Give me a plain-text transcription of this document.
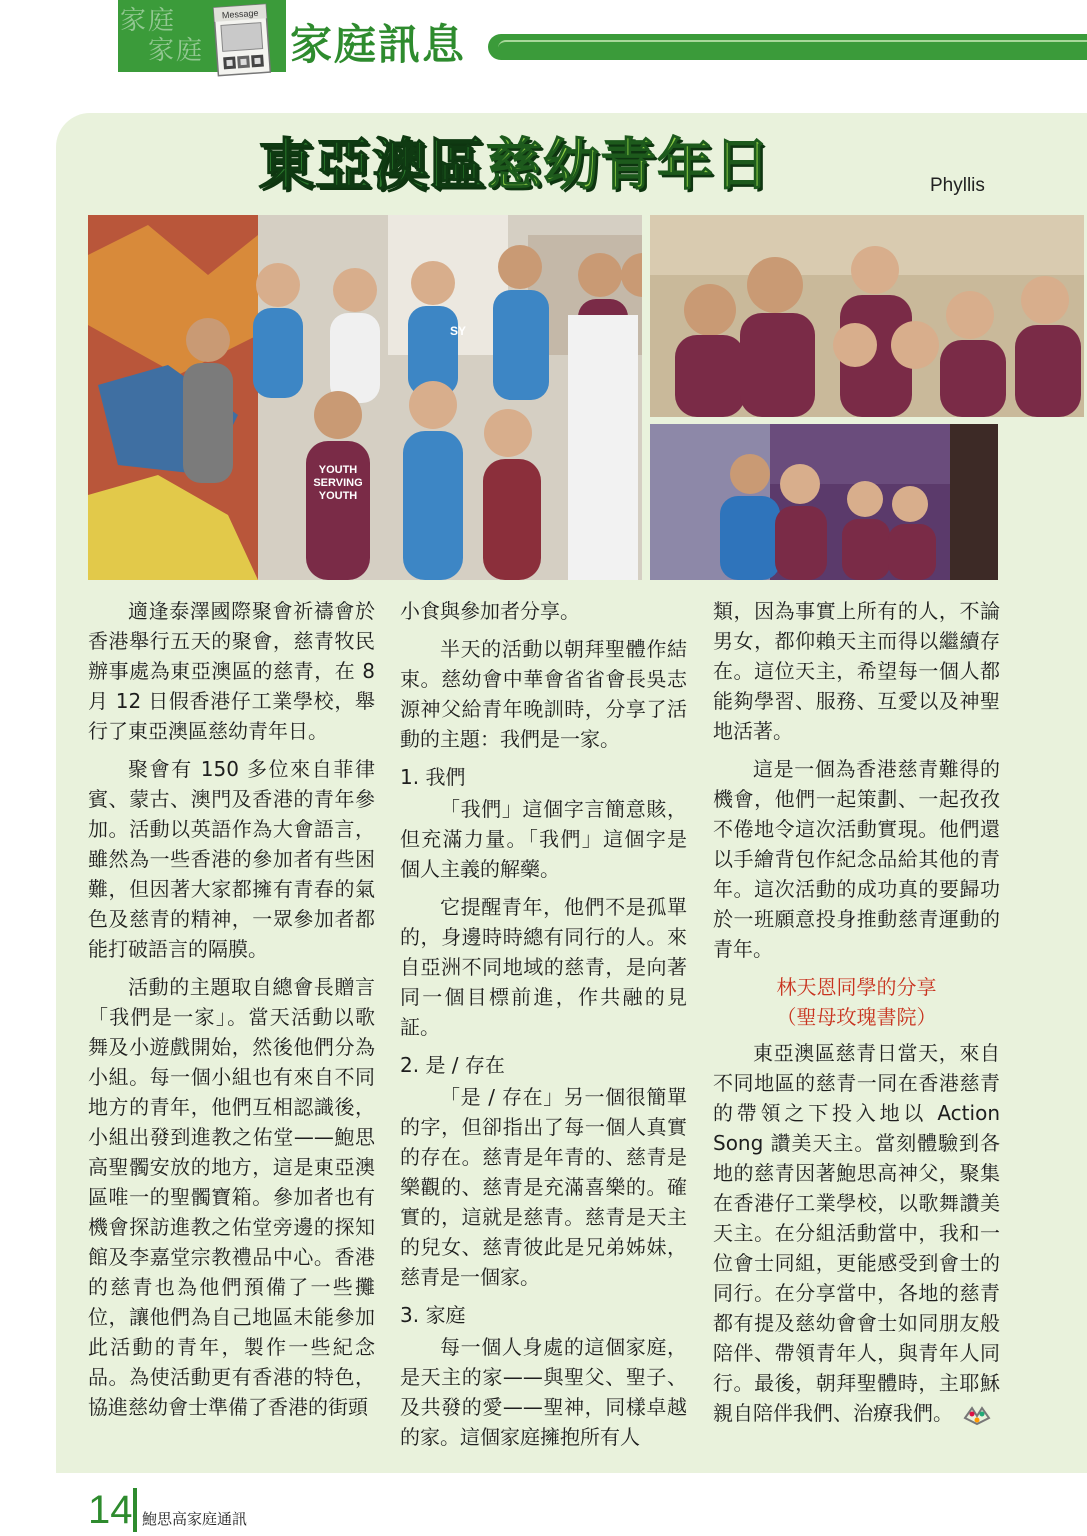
家庭
家庭
Message
家庭訊息
東亞澳區慈幼青年日	Phyllis
YOUTH
SERVING
YOUTH
SY

適逢泰澤國際聚會祈禱會於香港舉行五天的聚會，慈青牧民辦事處為東亞澳區的慈青，在 8 月 12 日假香港仔工業學校，舉行了東亞澳區慈幼青年日。

聚會有 150 多位來自菲律賓、蒙古、澳門及香港的青年參加。活動以英語作為大會語言，雖然為一些香港的參加者有些困難，但因著大家都擁有青春的氣色及慈青的精神，一眾參加者都能打破語言的隔膜。

活動的主題取自總會長贈言「我們是一家」。當天活動以歌舞及小遊戲開始，然後他們分為小組。每一個小組也有來自不同地方的青年，他們互相認識後，小組出發到進教之佑堂——鮑思高聖髑安放的地方，這是東亞澳區唯一的聖髑寶箱。參加者也有機會探訪進教之佑堂旁邊的探知館及李嘉堂宗教禮品中心。香港的慈青也為他們預備了一些攤位，讓他們為自己地區未能參加此活動的青年，製作一些紀念品。為使活動更有香港的特色，協進慈幼會士準備了香港的街頭

小食與參加者分享。

半天的活動以朝拜聖體作結束。慈幼會中華會省省會長吳志源神父給青年晚訓時，分享了活動的主題：我們是一家。

1. 我們

「我們」這個字言簡意賅，但充滿力量。「我們」這個字是個人主義的解藥。

它提醒青年，他們不是孤單的，身邊時時總有同行的人。來自亞洲不同地域的慈青，是向著同一個目標前進，作共融的見証。

2. 是 / 存在

「是 / 存在」另一個很簡單的字，但卻指出了每一個人真實的存在。慈青是年青的、慈青是樂觀的、慈青是充滿喜樂的。確實的，這就是慈青。慈青是天主的兒女、慈青彼此是兄弟姊妹，慈青是一個家。

3. 家庭

每一個人身處的這個家庭，是天主的家——與聖父、聖子、及共發的愛——聖神，同樣卓越的家。這個家庭擁抱所有人

類，因為事實上所有的人，不論男女，都仰賴天主而得以繼續存在。這位天主，希望每一個人都能夠學習、服務、互愛以及神聖地活著。

這是一個為香港慈青難得的機會，他們一起策劃、一起孜孜不倦地令這次活動實現。他們還以手繪背包作紀念品給其他的青年。這次活動的成功真的要歸功於一班願意投身推動慈青運動的青年。

林天恩同學的分享

（聖母玫瑰書院）

東亞澳區慈青日當天，來自不同地區的慈青一同在香港慈青的帶領之下投入地以 Action Song 讚美天主。當刻體驗到各地的慈青因著鮑思高神父，聚集在香港仔工業學校，以歌舞讚美天主。在分組活動當中，我和一位會士同組，更能感受到會士的同行。在分享當中，各地的慈青都有提及慈幼會會士如同朋友般陪伴、帶領青年人，與青年人同行。最後，朝拜聖體時，主耶穌親自陪伴我們、治療我們。

14 鮑思高家庭通訊
